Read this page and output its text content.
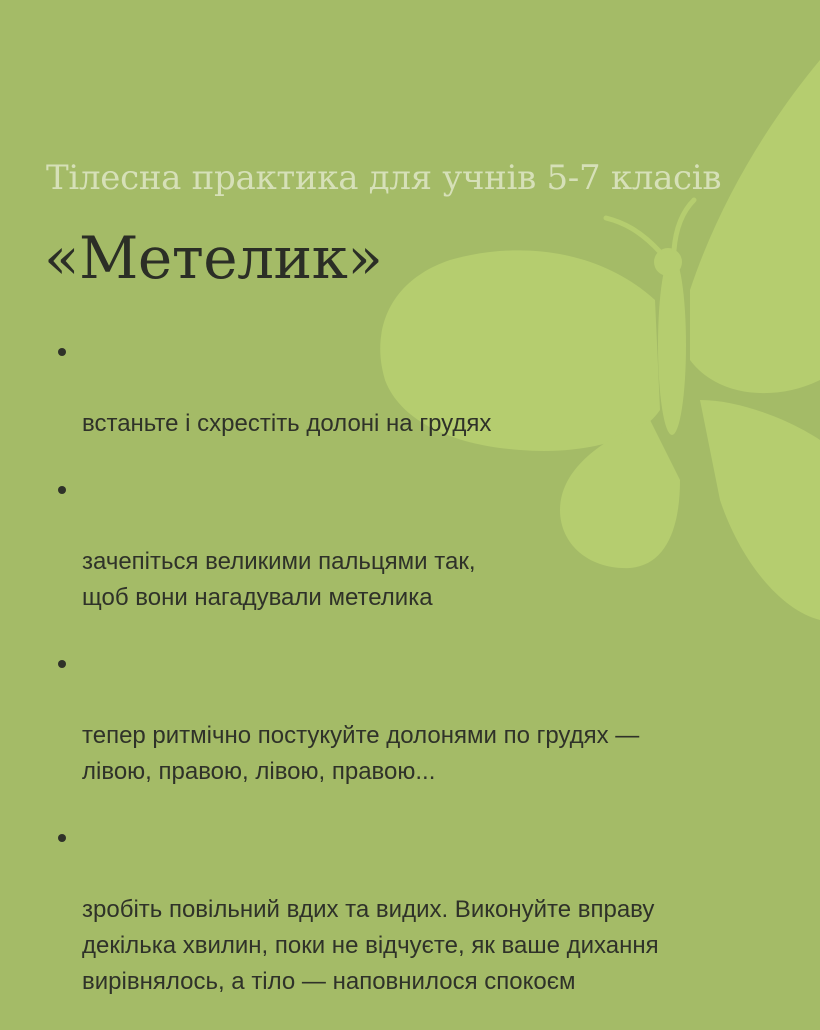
Тілесна практика для учнів 5-7 класів
«Метелик»

встаньте і схрестіть долоні на грудях

зачепіться великими пальцями так,
щоб вони нагадували метелика

тепер ритмічно постукуйте долонями по грудях —
лівою, правою, лівою, правою...

зробіть повільний вдих та видих. Виконуйте вправу
декілька хвилин, поки не відчуєте, як ваше дихання
вирівнялось, а тіло — наповнилося спокоєм
